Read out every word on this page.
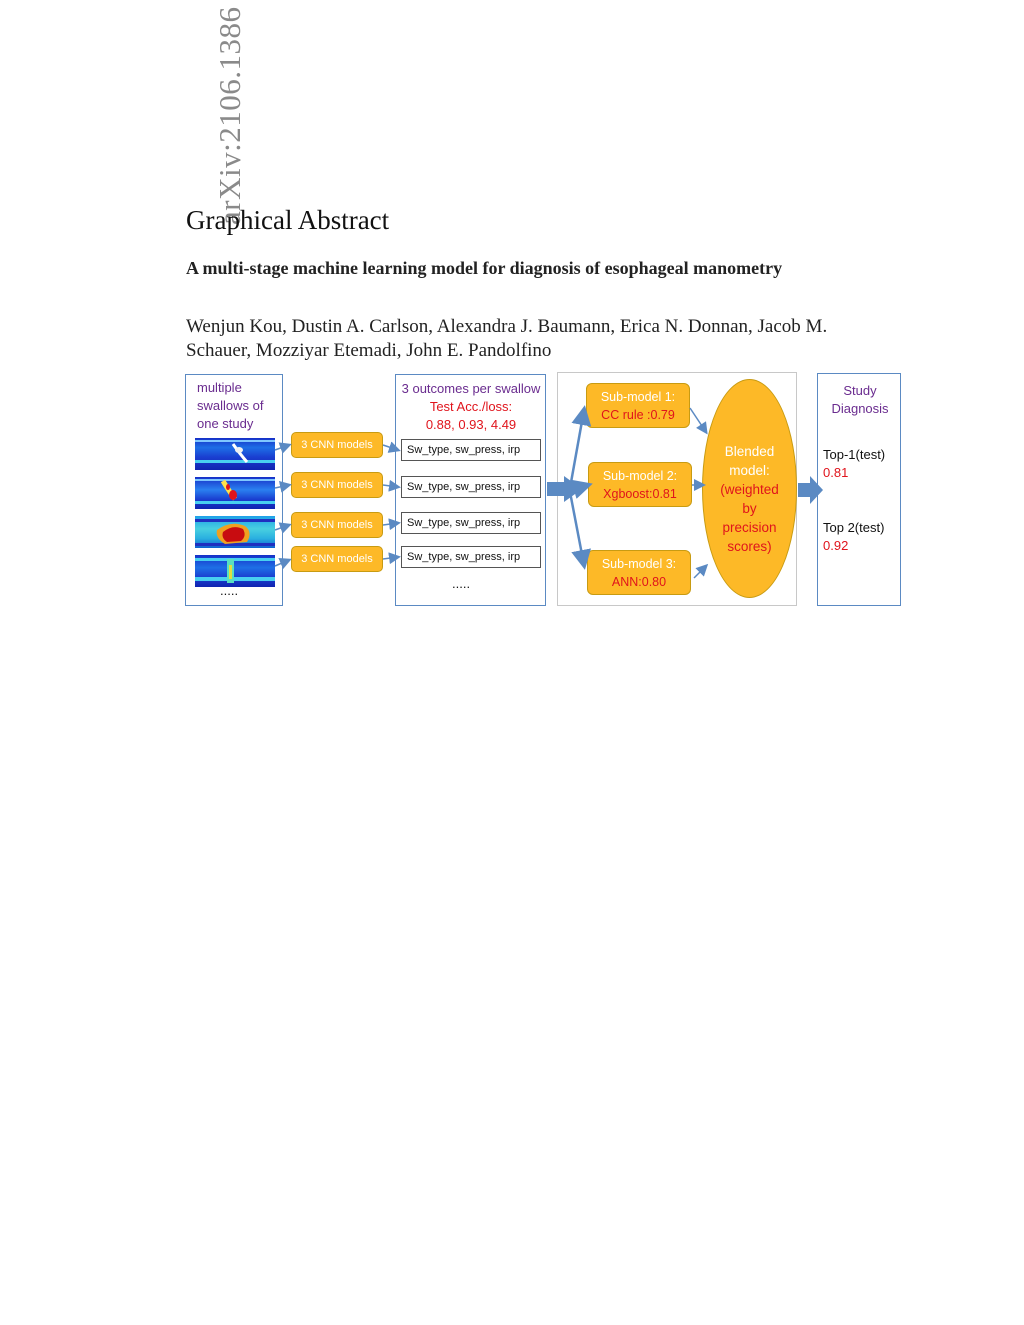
arXiv:2106.1386
Graphical Abstract
A multi-stage machine learning model for diagnosis of esophageal manometry
Wenjun Kou, Dustin A. Carlson, Alexandra J. Baumann, Erica N. Donnan, Jacob M. Schauer, Mozziyar Etemadi, John E. Pandolfino
multiple
swallows of
one study
.....
3 CNN models
3 CNN models
3 CNN models
3 CNN models
3 outcomes per swallow
Test Acc./loss:
0.88, 0.93, 4.49
Sw_type, sw_press, irp
Sw_type, sw_press, irp
Sw_type, sw_press, irp
Sw_type, sw_press, irp
.....
Sub-model 1:
CC rule :0.79
Sub-model 2:
Xgboost:0.81
Sub-model 3:
ANN:0.80
Blended
model:
(weighted
by
precision
scores)
Study
Diagnosis
Top-1(test)
0.81
Top 2(test)
0.92
